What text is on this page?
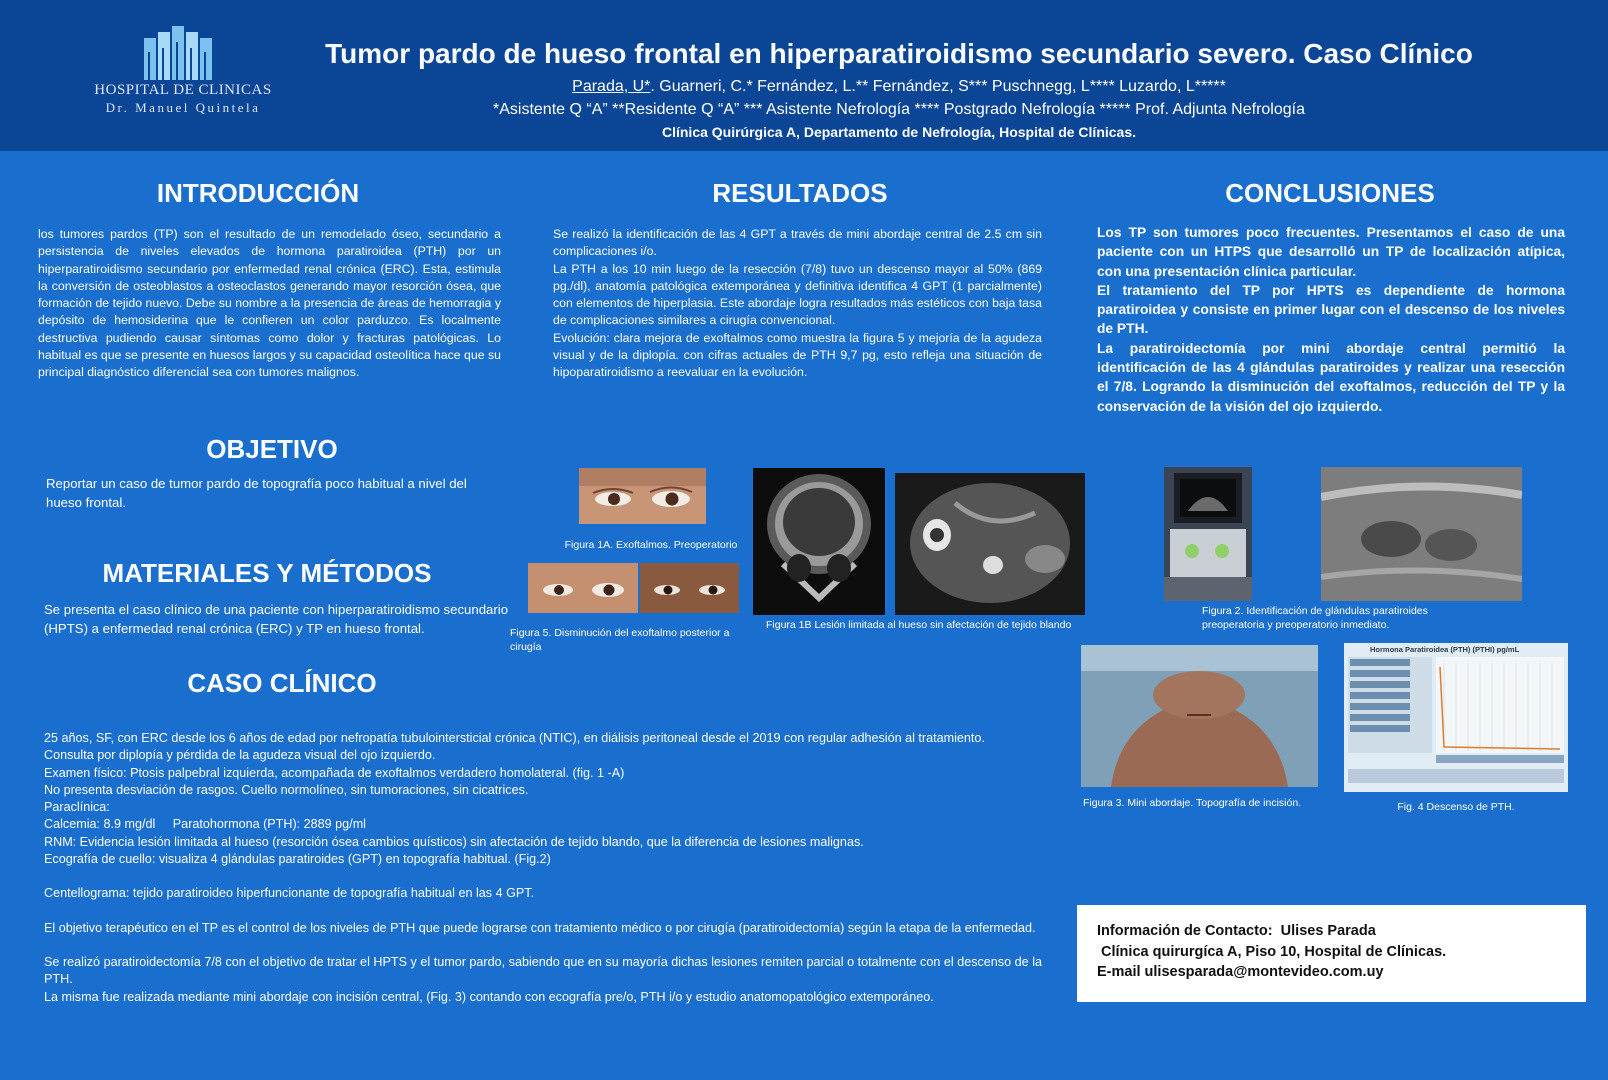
HOSPITAL DE CLINICAS
Dr. Manuel Quintela
Tumor pardo de hueso frontal en hiperparatiroidismo secundario severo. Caso Clínico
Parada, U*. Guarneri, C.* Fernández, L.** Fernández, S*** Puschnegg, L**** Luzardo, L*****
*Asistente Q “A” **Residente Q “A” *** Asistente Nefrología **** Postgrado Nefrología ***** Prof. Adjunta Nefrología
Clínica Quirúrgica A, Departamento de Nefrología, Hospital de Clínicas.
INTRODUCCIÓN
los tumores pardos (TP) son el resultado de un remodelado óseo, secundario a persistencia de niveles elevados de hormona paratiroidea (PTH) por un hiperparatiroidismo secundario por enfermedad renal crónica (ERC). Esta, estimula la conversión de osteoblastos a osteoclastos generando mayor resorción ósea, que formación de tejido nuevo. Debe su nombre a la presencia de áreas de hemorragia y depósito de hemosiderina que le confieren un color parduzco. Es localmente destructiva pudiendo causar síntomas como dolor y fracturas patológicas. Lo habitual es que se presente en huesos largos y su capacidad osteolítica hace que su principal diagnóstico diferencial sea con tumores malignos.
OBJETIVO
Reportar un caso de tumor pardo de topografía poco habitual a nivel del hueso frontal.
MATERIALES Y MÉTODOS
Se presenta el caso clínico de una paciente con hiperparatiroidismo secundario (HPTS) a enfermedad renal crónica (ERC) y TP en hueso frontal.
CASO CLÍNICO
25 años, SF, con ERC desde los 6 años de edad por nefropatía tubulointersticial crónica (NTIC), en diálisis peritoneal desde el 2019 con regular adhesión al tratamiento.
Consulta por diplopía y pérdida de la agudeza visual del ojo izquierdo.
Examen físico: Ptosis palpebral izquierda, acompañada de exoftalmos verdadero homolateral. (fig. 1 -A)
No presenta desviación de rasgos. Cuello normolíneo, sin tumoraciones, sin cicatrices.
Paraclínica:
Calcemia: 8.9 mg/dl     Paratohormona (PTH): 2889 pg/ml
RNM: Evidencia lesión limitada al hueso (resorción ósea cambios quísticos) sin afectación de tejido blando, que la diferencia de lesiones malignas.
Ecografía de cuello: visualiza 4 glándulas paratiroides (GPT) en topografía habitual. (Fig.2)
Centellograma: tejido paratiroideo hiperfuncionante de topografía habitual en las 4 GPT.
El objetivo terapéutico en el TP es el control de los niveles de PTH que puede lograrse con tratamiento médico o por cirugía (paratiroidectomía) según la etapa de la enfermedad.
Se realizó paratiroidectomía 7/8 con el objetivo de tratar el HPTS y el tumor pardo, sabiendo que en su mayoría dichas lesiones remiten parcial o totalmente con el descenso de la PTH.
La misma fue realizada mediante mini abordaje con incisión central, (Fig. 3) contando con ecografía pre/o, PTH i/o y estudio anatomopatológico extemporáneo.
RESULTADOS
Se realizó la identificación de las 4 GPT a través de mini abordaje central de 2.5 cm sin complicaciones i/o.
La PTH a los 10 min luego de la resección (7/8) tuvo un descenso mayor al 50% (869 pg./dl), anatomía patológica extemporánea y definitiva identifica 4 GPT (1 parcialmente) con elementos de hiperplasia. Este abordaje logra resultados más estéticos con baja tasa de complicaciones similares a cirugía convencional.
Evolución: clara mejora de exoftalmos como muestra la figura 5 y mejoría de la agudeza visual y de la diplopía. con cifras actuales de PTH 9,7 pg, esto refleja una situación de hipoparatiroidismo a reevaluar en la evolución.
Figura 1A. Exoftalmos. Preoperatorio
Figura 5. Disminución del exoftalmo posterior a cirugía
Figura 1B Lesión limitada al hueso sin afectación de tejido blando
CONCLUSIONES
Los TP son tumores poco frecuentes. Presentamos el caso de una paciente con un HTPS que desarrolló un TP de localización atípica, con una presentación clínica particular.
El tratamiento del TP por HPTS es dependiente de hormona paratiroidea y consiste en primer lugar con el descenso de los niveles de PTH.
La paratiroidectomía por mini abordaje central permitió la identificación de las 4 glándulas paratiroides y realizar una resección el 7/8. Logrando la disminución del exoftalmos, reducción del TP y la conservación de la visión del ojo izquierdo.
Figura 2. Identificación de glándulas paratiroides preoperatoria y preoperatorio inmediato.
Figura 3. Mini abordaje. Topografía de incisión.
Hormona Paratiroidea (PTH) (PTHI) pg/mL
Fig. 4 Descenso de PTH.
Información de Contacto:  Ulises Parada
Clínica quirurgíca A, Piso 10, Hospital de Clínicas.
E-mail ulisesparada@montevideo.com.uy
